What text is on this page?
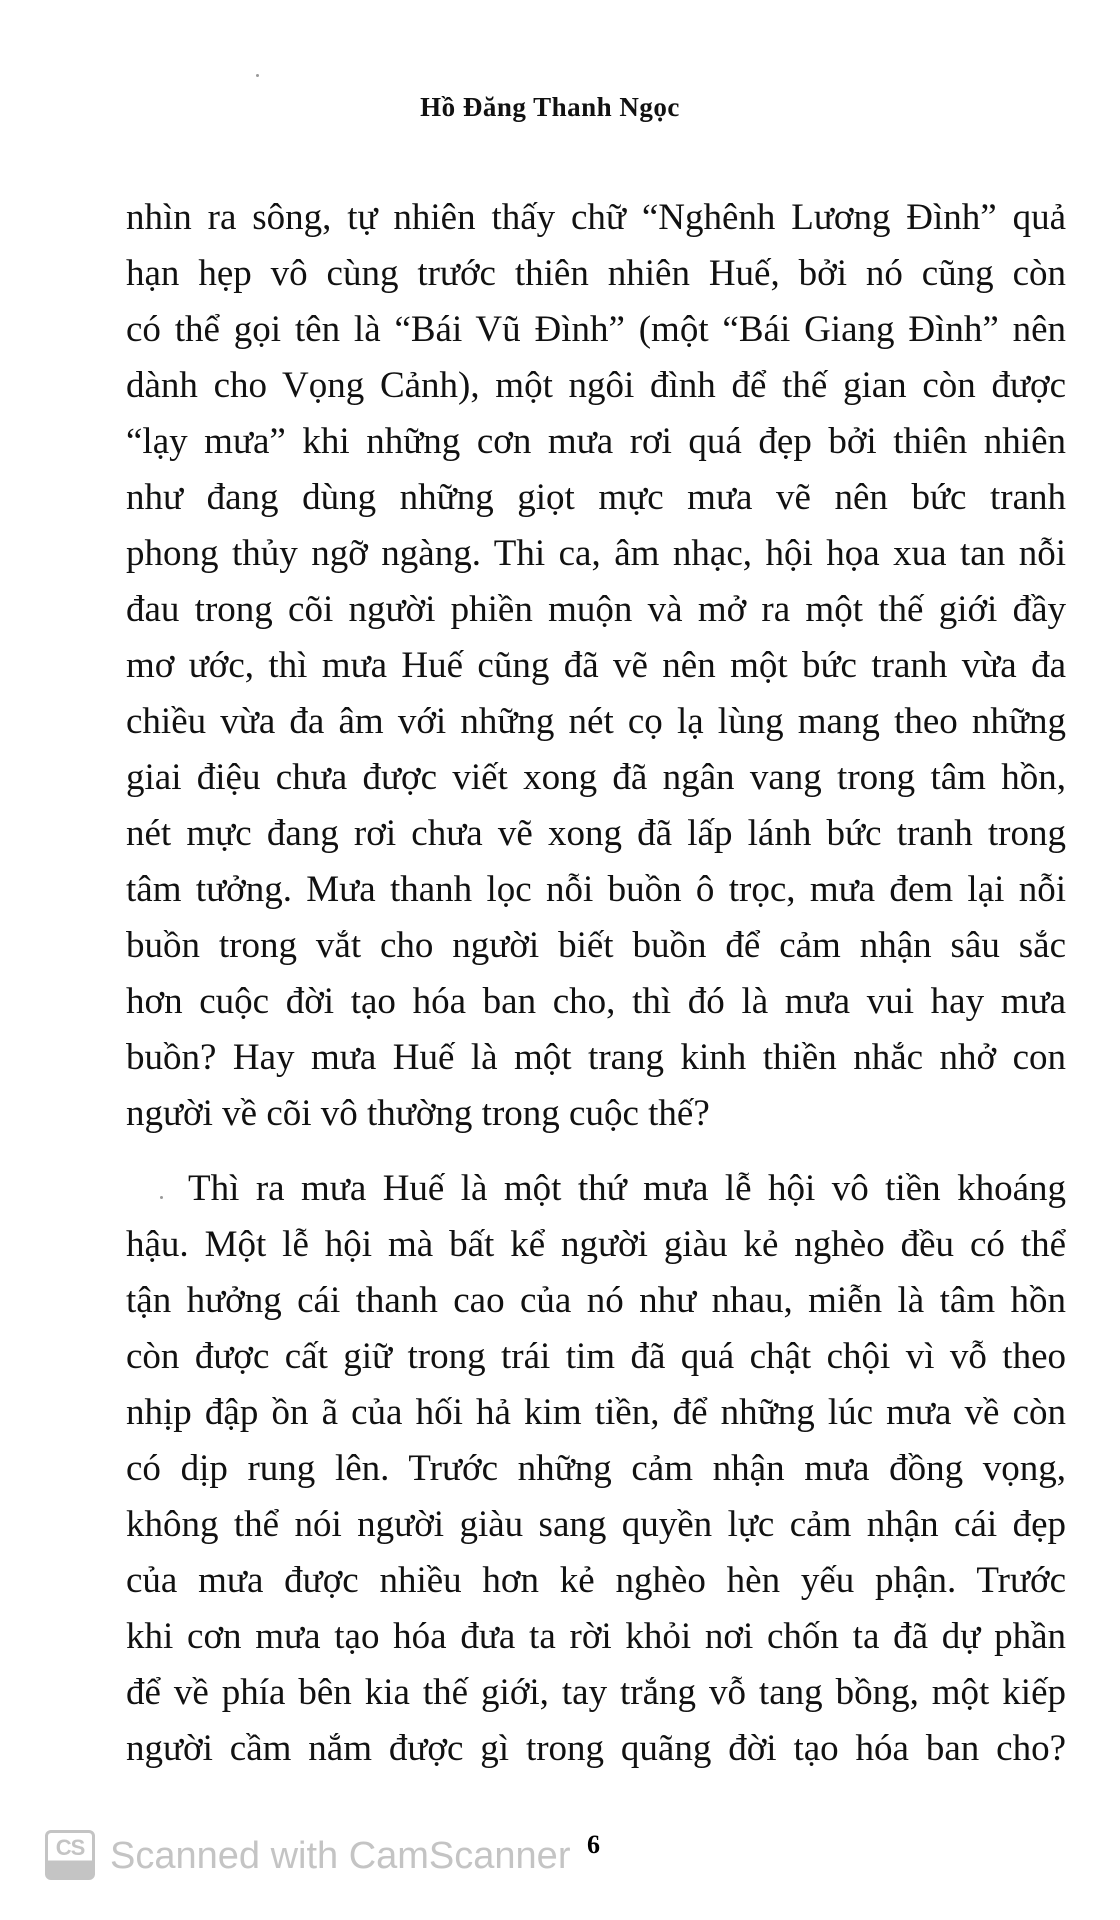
Hồ Đăng Thanh Ngọc
nhìn ra sông, tự nhiên thấy chữ “Nghênh Lương Đình” quả
hạn hẹp vô cùng trước thiên nhiên Huế, bởi nó cũng còn
có thể gọi tên là “Bái Vũ Đình” (một “Bái Giang Đình” nên
dành cho Vọng Cảnh), một ngôi đình để thế gian còn được
“lạy mưa” khi những cơn mưa rơi quá đẹp bởi thiên nhiên
như đang dùng những giọt mực mưa vẽ nên bức tranh
phong thủy ngỡ ngàng. Thi ca, âm nhạc, hội họa xua tan nỗi
đau trong cõi người phiền muộn và mở ra một thế giới đầy
mơ ước, thì mưa Huế cũng đã vẽ nên một bức tranh vừa đa
chiều vừa đa âm với những nét cọ lạ lùng mang theo những
giai điệu chưa được viết xong đã ngân vang trong tâm hồn,
nét mực đang rơi chưa vẽ xong đã lấp lánh bức tranh trong
tâm tưởng. Mưa thanh lọc nỗi buồn ô trọc, mưa đem lại nỗi
buồn trong vắt cho người biết buồn để cảm nhận sâu sắc
hơn cuộc đời tạo hóa ban cho, thì đó là mưa vui hay mưa
buồn? Hay mưa Huế là một trang kinh thiền nhắc nhở con
người về cõi vô thường trong cuộc thế?
Thì ra mưa Huế là một thứ mưa lễ hội vô tiền khoáng
hậu. Một lễ hội mà bất kể người giàu kẻ nghèo đều có thể
tận hưởng cái thanh cao của nó như nhau, miễn là tâm hồn
còn được cất giữ trong trái tim đã quá chật chội vì vỗ theo
nhịp đập ồn ã của hối hả kim tiền, để những lúc mưa về còn
có dịp rung lên. Trước những cảm nhận mưa đồng vọng,
không thể nói người giàu sang quyền lực cảm nhận cái đẹp
của mưa được nhiều hơn kẻ nghèo hèn yếu phận. Trước
khi cơn mưa tạo hóa đưa ta rời khỏi nơi chốn ta đã dự phần
để về phía bên kia thế giới, tay trắng vỗ tang bồng, một kiếp
người cầm nắm được gì trong quãng đời tạo hóa ban cho?
CS Scanned with CamScanner 6
